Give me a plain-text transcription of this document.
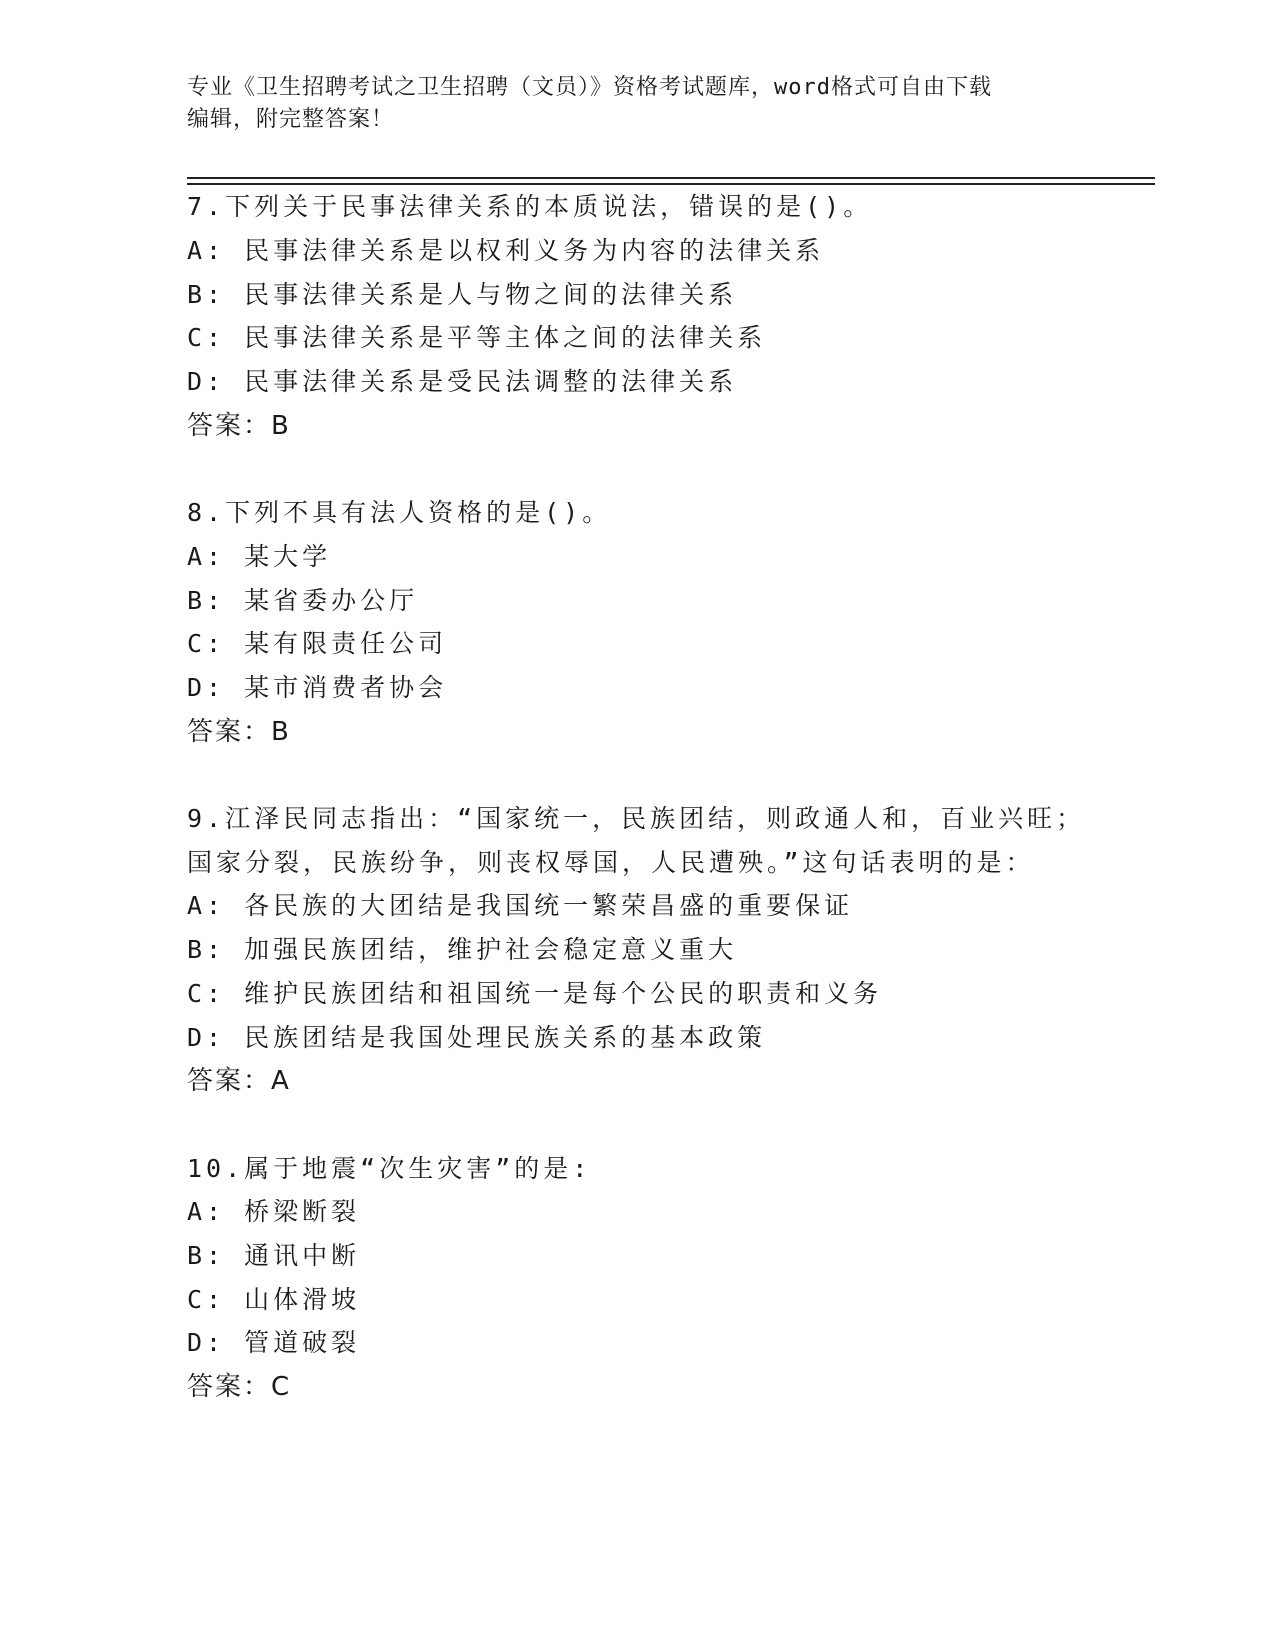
专业《卫生招聘考试之卫生招聘（文员）》资格考试题库，word格式可自由下载
编辑，附完整答案！
7.下列关于民事法律关系的本质说法，错误的是()。
A: 民事法律关系是以权利义务为内容的法律关系
B: 民事法律关系是人与物之间的法律关系
C: 民事法律关系是平等主体之间的法律关系
D: 民事法律关系是受民法调整的法律关系
答案：B
8.下列不具有法人资格的是()。
A: 某大学
B: 某省委办公厅
C: 某有限责任公司
D: 某市消费者协会
答案：B
9.江泽民同志指出：“国家统一，民族团结，则政通人和，百业兴旺；
国家分裂，民族纷争，则丧权辱国，人民遭殃。”这句话表明的是：
A: 各民族的大团结是我国统一繁荣昌盛的重要保证
B: 加强民族团结，维护社会稳定意义重大
C: 维护民族团结和祖国统一是每个公民的职责和义务
D: 民族团结是我国处理民族关系的基本政策
答案：A
10.属于地震“次生灾害”的是:
A: 桥梁断裂
B: 通讯中断
C: 山体滑坡
D: 管道破裂
答案：C
